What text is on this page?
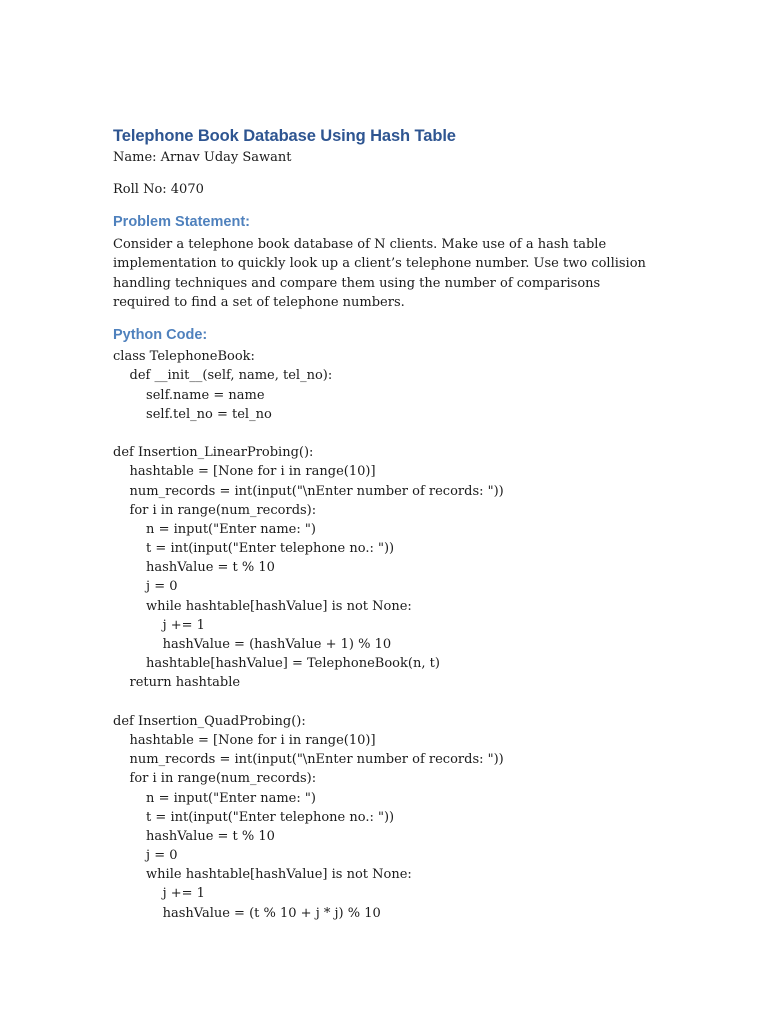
Telephone Book Database Using Hash Table

Name: Arnav Uday Sawant

Roll No: 4070

Problem Statement:

Consider a telephone book database of N clients. Make use of a hash table implementation to quickly look up a client’s telephone number. Use two collision handling techniques and compare them using the number of comparisons required to find a set of telephone numbers.

Python Code:
class TelephoneBook:
def __init__(self, name, tel_no):
self.name = name
self.tel_no = tel_no
def Insertion_LinearProbing():
hashtable = [None for i in range(10)]
num_records = int(input("\nEnter number of records: "))
for i in range(num_records):
n = input("Enter name: ")
t = int(input("Enter telephone no.: "))
hashValue = t % 10
j = 0
while hashtable[hashValue] is not None:
j += 1
hashValue = (hashValue + 1) % 10
hashtable[hashValue] = TelephoneBook(n, t)
return hashtable
def Insertion_QuadProbing():
hashtable = [None for i in range(10)]
num_records = int(input("\nEnter number of records: "))
for i in range(num_records):
n = input("Enter name: ")
t = int(input("Enter telephone no.: "))
hashValue = t % 10
j = 0
while hashtable[hashValue] is not None:
j += 1
hashValue = (t % 10 + j * j) % 10
